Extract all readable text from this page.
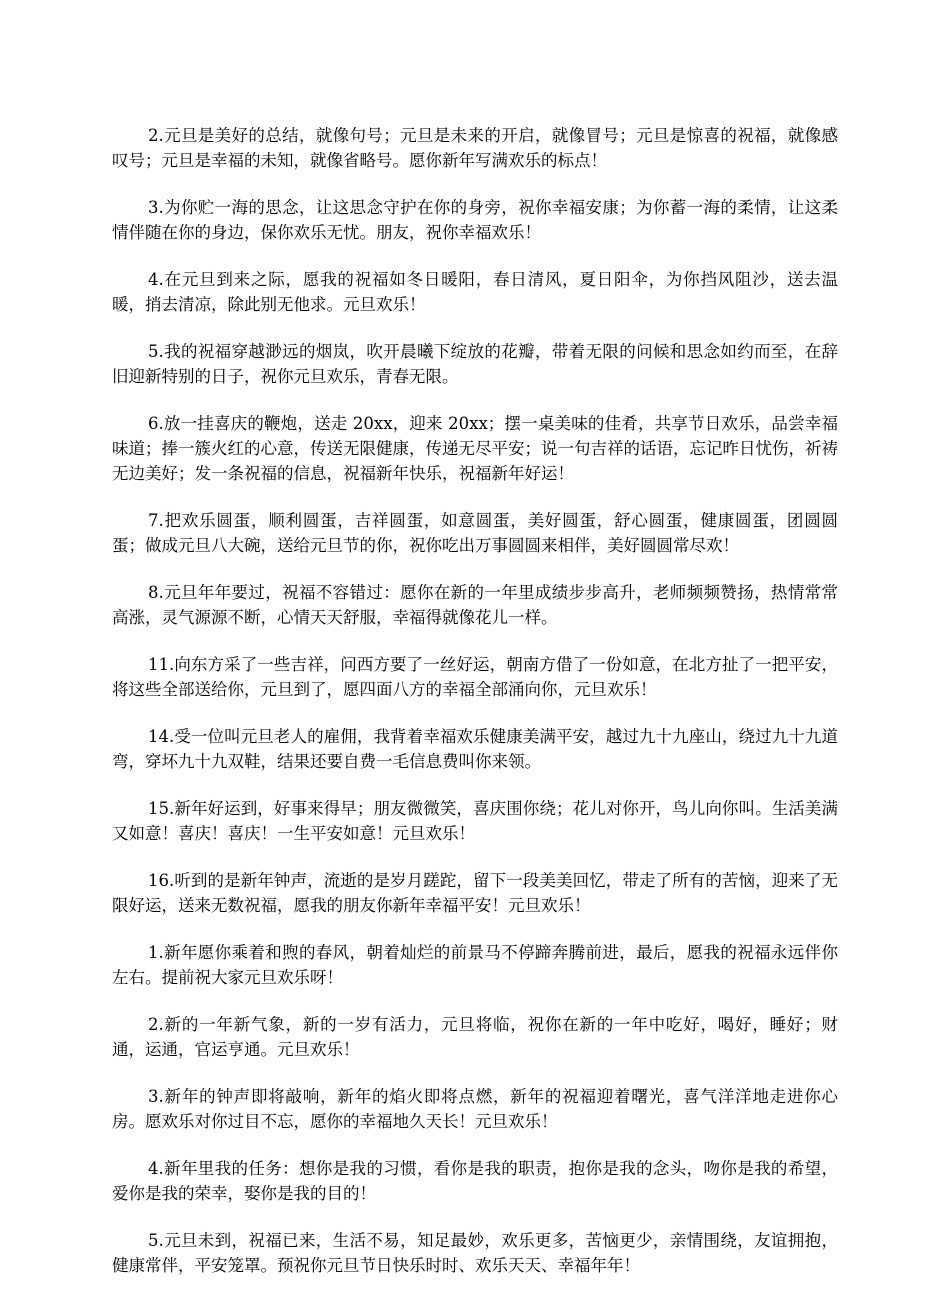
2.元旦是美好的总结，就像句号；元旦是未来的开启，就像冒号；元旦是惊喜的祝福，就像感叹号；元旦是幸福的未知，就像省略号。愿你新年写满欢乐的标点！

3.为你贮一海的思念，让这思念守护在你的身旁，祝你幸福安康；为你蓄一海的柔情，让这柔情伴随在你的身边，保你欢乐无忧。朋友，祝你幸福欢乐！

4.在元旦到来之际，愿我的祝福如冬日暖阳，春日清风，夏日阳伞，为你挡风阻沙，送去温暖，捎去清凉，除此别无他求。元旦欢乐！

5.我的祝福穿越渺远的烟岚，吹开晨曦下绽放的花瓣，带着无限的问候和思念如约而至，在辞旧迎新特别的日子，祝你元旦欢乐，青春无限。

6.放一挂喜庆的鞭炮，送走 20xx，迎来 20xx；摆一桌美味的佳肴，共享节日欢乐，品尝幸福味道；捧一簇火红的心意，传送无限健康，传递无尽平安；说一句吉祥的话语，忘记昨日忧伤，祈祷无边美好；发一条祝福的信息，祝福新年快乐，祝福新年好运！

7.把欢乐圆蛋，顺利圆蛋，吉祥圆蛋，如意圆蛋，美好圆蛋，舒心圆蛋，健康圆蛋，团圆圆蛋；做成元旦八大碗，送给元旦节的你，祝你吃出万事圆圆来相伴，美好圆圆常尽欢！

8.元旦年年要过，祝福不容错过：愿你在新的一年里成绩步步高升，老师频频赞扬，热情常常高涨，灵气源源不断，心情天天舒服，幸福得就像花儿一样。

11.向东方采了一些吉祥，问西方要了一丝好运，朝南方借了一份如意，在北方扯了一把平安，将这些全部送给你，元旦到了，愿四面八方的幸福全部涌向你，元旦欢乐！

14.受一位叫元旦老人的雇佣，我背着幸福欢乐健康美满平安，越过九十九座山，绕过九十九道弯，穿坏九十九双鞋，结果还要自费一毛信息费叫你来领。

15.新年好运到，好事来得早；朋友微微笑，喜庆围你绕；花儿对你开，鸟儿向你叫。生活美满又如意！喜庆！喜庆！一生平安如意！元旦欢乐！

16.听到的是新年钟声，流逝的是岁月蹉跎，留下一段美美回忆，带走了所有的苦恼，迎来了无限好运，送来无数祝福，愿我的朋友你新年幸福平安！元旦欢乐！

1.新年愿你乘着和煦的春风，朝着灿烂的前景马不停蹄奔腾前进，最后，愿我的祝福永远伴你左右。提前祝大家元旦欢乐呀！

2.新的一年新气象，新的一岁有活力，元旦将临，祝你在新的一年中吃好，喝好，睡好；财通，运通，官运亨通。元旦欢乐！

3.新年的钟声即将敲响，新年的焰火即将点燃，新年的祝福迎着曙光，喜气洋洋地走进你心房。愿欢乐对你过目不忘，愿你的幸福地久天长！元旦欢乐！

4.新年里我的任务：想你是我的习惯，看你是我的职责，抱你是我的念头，吻你是我的希望，爱你是我的荣幸，娶你是我的目的！

5.元旦未到，祝福已来，生活不易，知足最妙，欢乐更多，苦恼更少，亲情围绕，友谊拥抱，健康常伴，平安笼罩。预祝你元旦节日快乐时时、欢乐天天、幸福年年！
